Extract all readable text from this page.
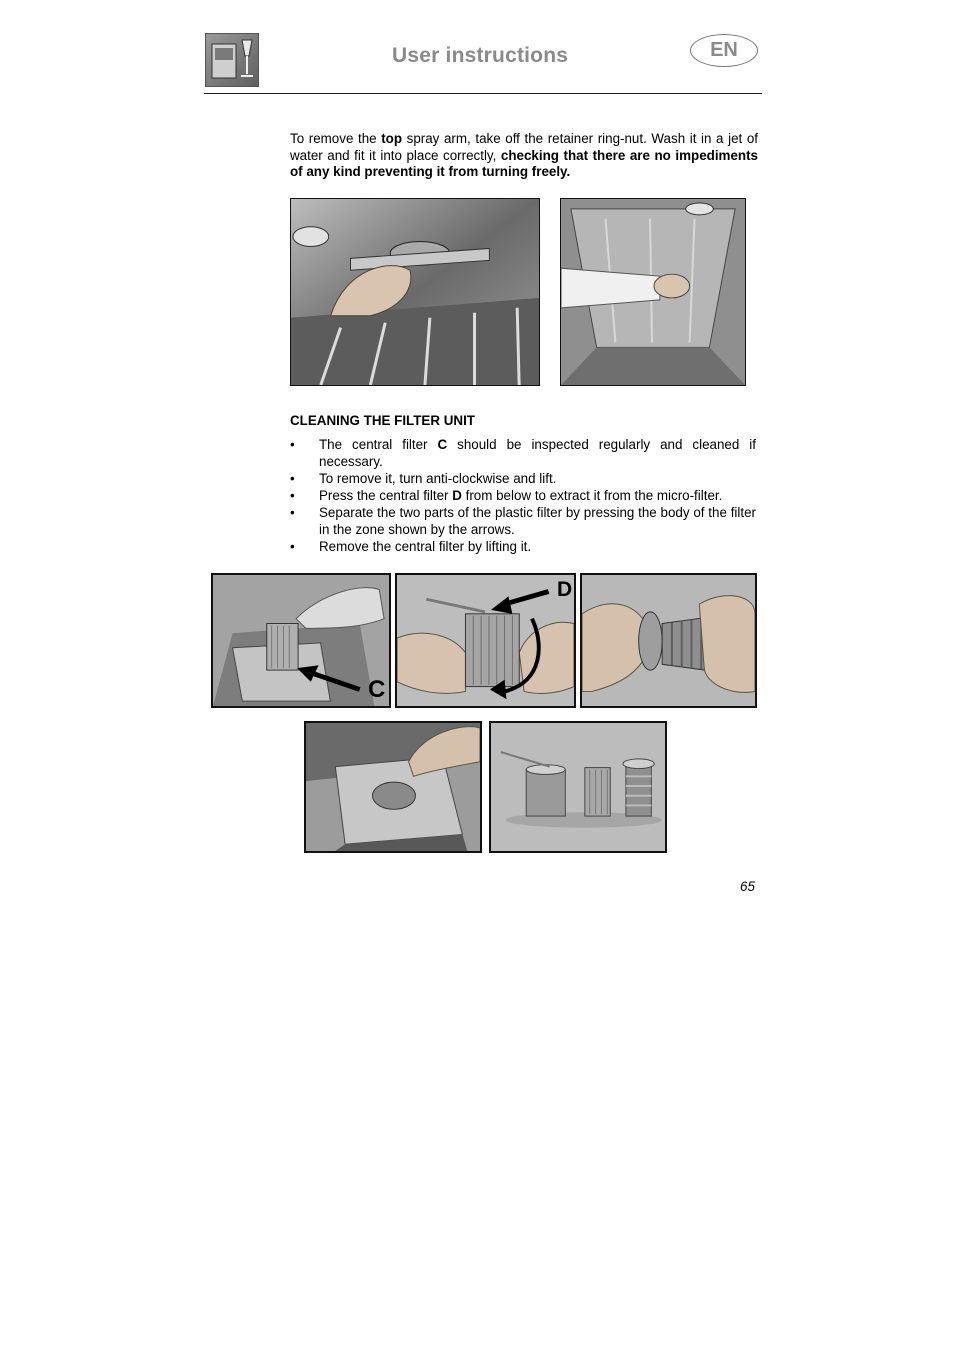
User instructions	EN

To remove the top spray arm, take off the retainer ring-nut. Wash it in a jet of water and fit it into place correctly, checking that there are no impediments of any kind preventing it from turning freely.

CLEANING THE FILTER UNIT
• The central filter C should be inspected regularly and cleaned if necessary.
• To remove it, turn anti-clockwise and lift.
• Press the central filter D from below to extract it from the micro-filter.
• Separate the two parts of the plastic filter by pressing the body of the filter in the zone shown by the arrows.
• Remove the central filter by lifting it.
C
D
65
